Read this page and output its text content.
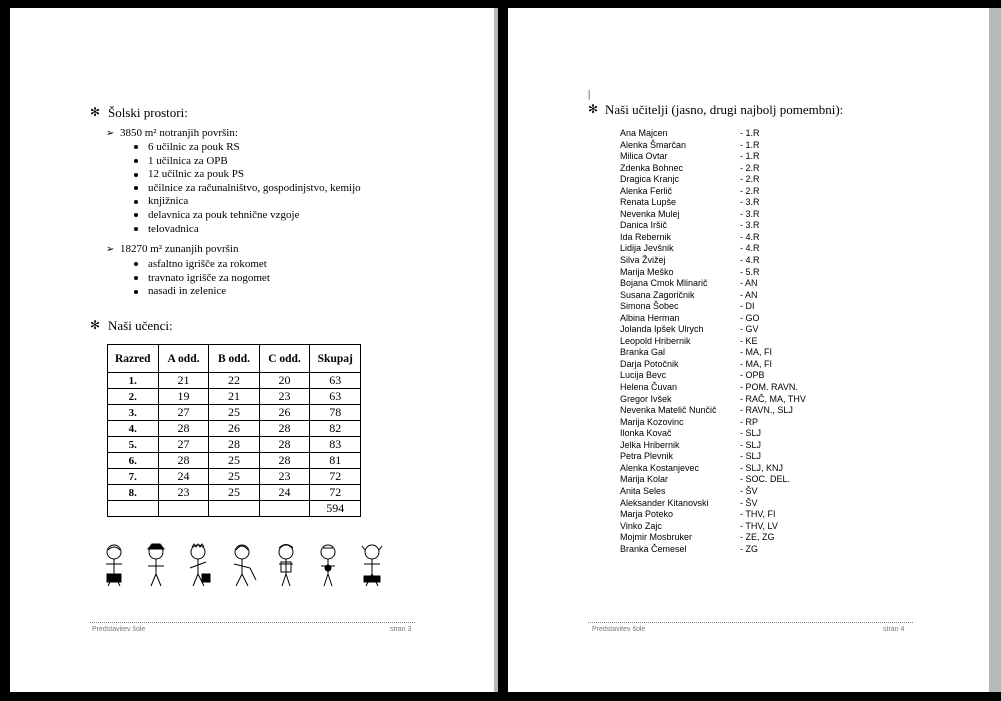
✻ Šolski prostori:
➢ 3850 m² notranjih površin:
6 učilnic za pouk RS
1 učilnica za OPB
12 učilnic za pouk PS
učilnice za računalništvo, gospodinjstvo, kemijo
knjižnica
delavnica za pouk tehnične vzgoje
telovadnica
➢ 18270 m² zunanjih površin
asfaltno igrišče za rokomet
travnato igrišče za nogomet
nasadi in zelenice
✻ Naši učenci:
Razred	A odd.	B odd.	C odd.	Skupaj
1.	21	22	20	63
2.	19	21	23	63
3.	27	25	26	78
4.	28	26	28	82
5.	27	28	28	83
6.	28	25	28	81
7.	24	25	23	72
8.	23	25	24	72
				594
Predstavitev šole	stran 3
|
✻ Naši učitelji (jasno, drugi najbolj pomembni):
Ana Majcen	- 1.R
Alenka Šmarčan	- 1.R
Milica Ovtar	- 1.R
Zdenka Bohnec	- 2.R
Dragica Kranjc	- 2.R
Alenka Ferlič	- 2.R
Renata Lupše	- 3.R
Nevenka Mulej	- 3.R
Danica Iršič	- 3.R
Ida Rebernik	- 4.R
Lidija Jevšnik	- 4.R
Silva Žvižej	- 4.R
Marija Meško	- 5.R
Bojana Cmok Mlinarič	- AN
Susana Zagoričnik	- AN
Simona Šobec	- DI
Albina Herman	- GO
Jolanda Ipšek Ulrych	- GV
Leopold Hribernik	- KE
Branka Gal	- MA, FI
Darja Potočnik	- MA, FI
Lucija Bevc	- OPB
Helena Čuvan	- POM. RAVN.
Gregor Ivšek	- RAČ, MA, THV
Nevenka Matelič Nunčič	- RAVN., SLJ
Marija Kozovinc	- RP
Ilonka Kovač	- SLJ
Jelka Hribernik	- SLJ
Petra Plevnik	- SLJ
Alenka Kostanjevec	- SLJ, KNJ
Marija Kolar	- SOC. DEL.
Anita Seles	- ŠV
Aleksander Kitanovski	- ŠV
Marja Poteko	- THV, FI
Vinko Zajc	- THV, LV
Mojmir Mosbruker	- ZE, ZG
Branka Čemesel	- ZG
Predstavitev šole	stran 4
